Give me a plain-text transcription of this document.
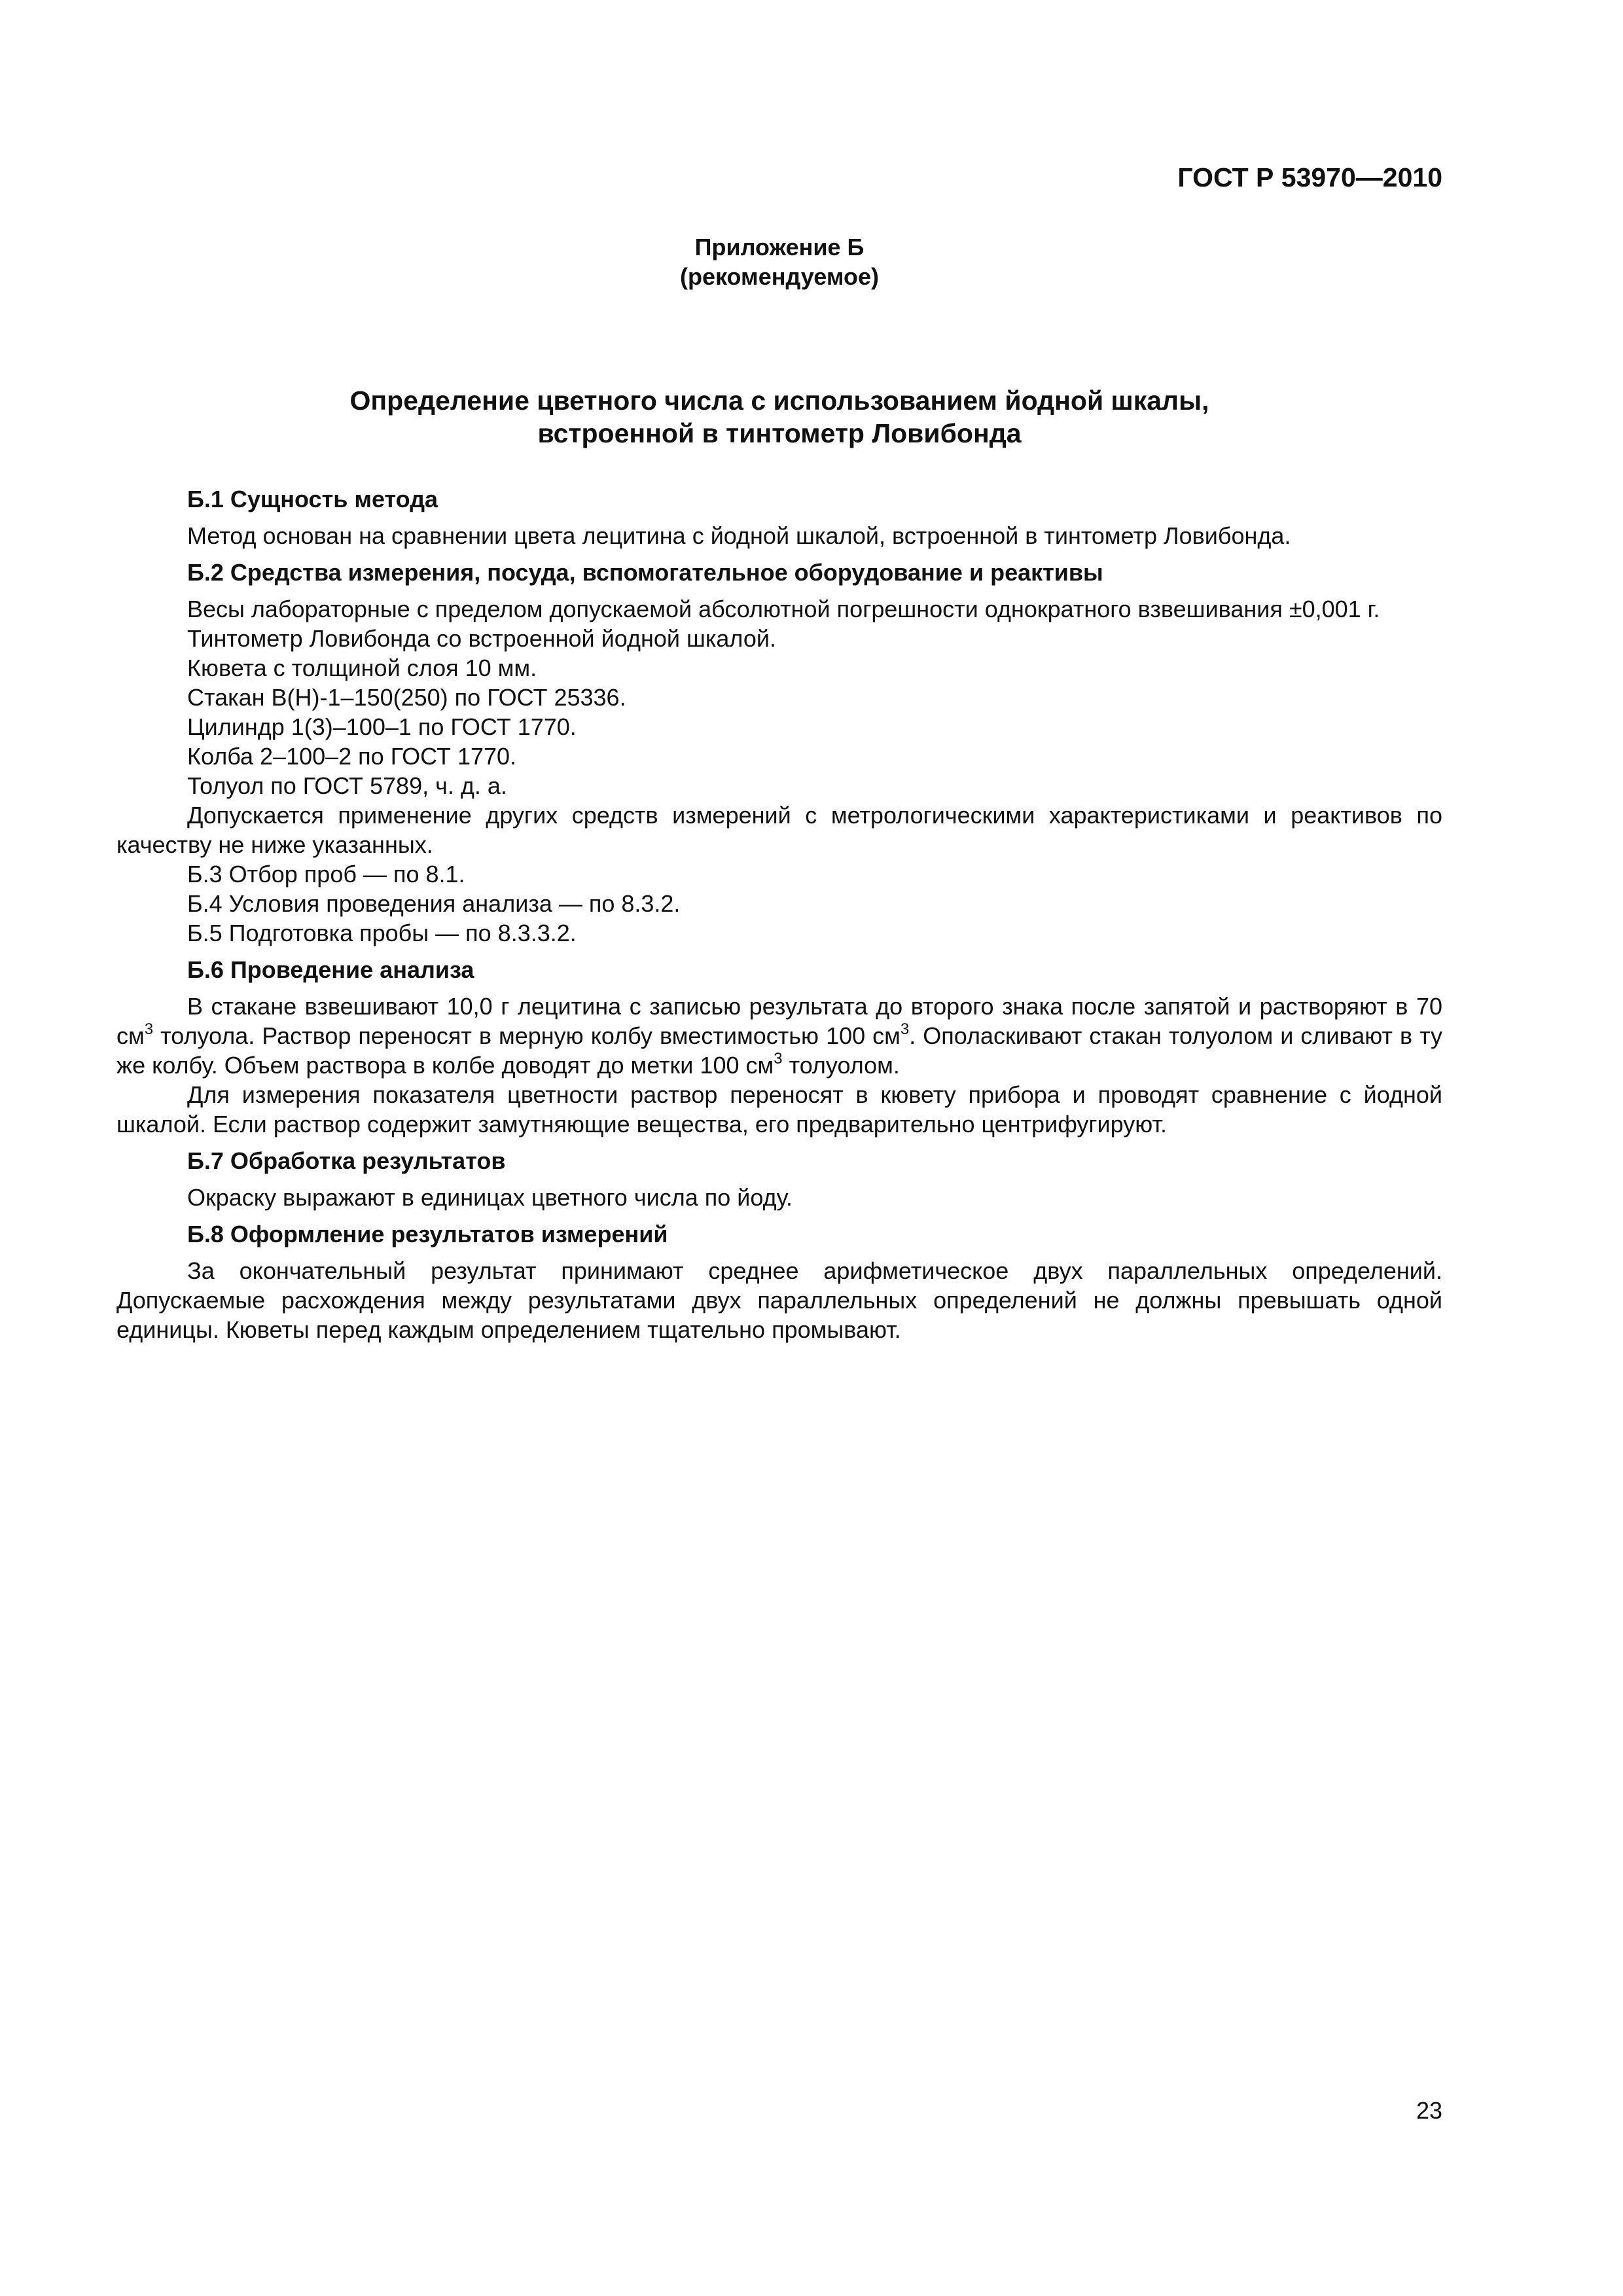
ГОСТ Р 53970—2010
Приложение Б
(рекомендуемое)
Определение цветного числа с использованием йодной шкалы,
встроенной в тинтометр Ловибонда
Б.1 Сущность метода

Метод основан на сравнении цвета лецитина с йодной шкалой, встроенной в тинтометр Ловибонда.

Б.2 Средства измерения, посуда, вспомогательное оборудование и реактивы

Весы лабораторные с пределом допускаемой абсолютной погрешности однократного взвешивания ±0,001 г.

Тинтометр Ловибонда со встроенной йодной шкалой.

Кювета с толщиной слоя 10 мм.

Стакан В(Н)-1–150(250) по ГОСТ 25336.

Цилиндр 1(3)–100–1 по ГОСТ 1770.

Колба 2–100–2 по ГОСТ 1770.

Толуол по ГОСТ 5789, ч. д. а.

Допускается применение других средств измерений с метрологическими характеристиками и реактивов по качеству не ниже указанных.

Б.3 Отбор проб — по 8.1.

Б.4 Условия проведения анализа — по 8.3.2.

Б.5 Подготовка пробы — по 8.3.3.2.

Б.6 Проведение анализа

В стакане взвешивают 10,0 г лецитина с записью результата до второго знака после запятой и растворяют в 70 $см^3$ толуола. Раствор переносят в мерную колбу вместимостью 100 $см^3$. Ополаскивают стакан толуолом и сливают в ту же колбу. Объем раствора в колбе доводят до метки 100 $см^3$ толуолом.

Для измерения показателя цветности раствор переносят в кювету прибора и проводят сравнение с йодной шкалой. Если раствор содержит замутняющие вещества, его предварительно центрифугируют.

Б.7 Обработка результатов

Окраску выражают в единицах цветного числа по йоду.

Б.8 Оформление результатов измерений

За окончательный результат принимают среднее арифметическое двух параллельных определений. Допускаемые расхождения между результатами двух параллельных определений не должны превышать одной единицы. Кюветы перед каждым определением тщательно промывают.

23
